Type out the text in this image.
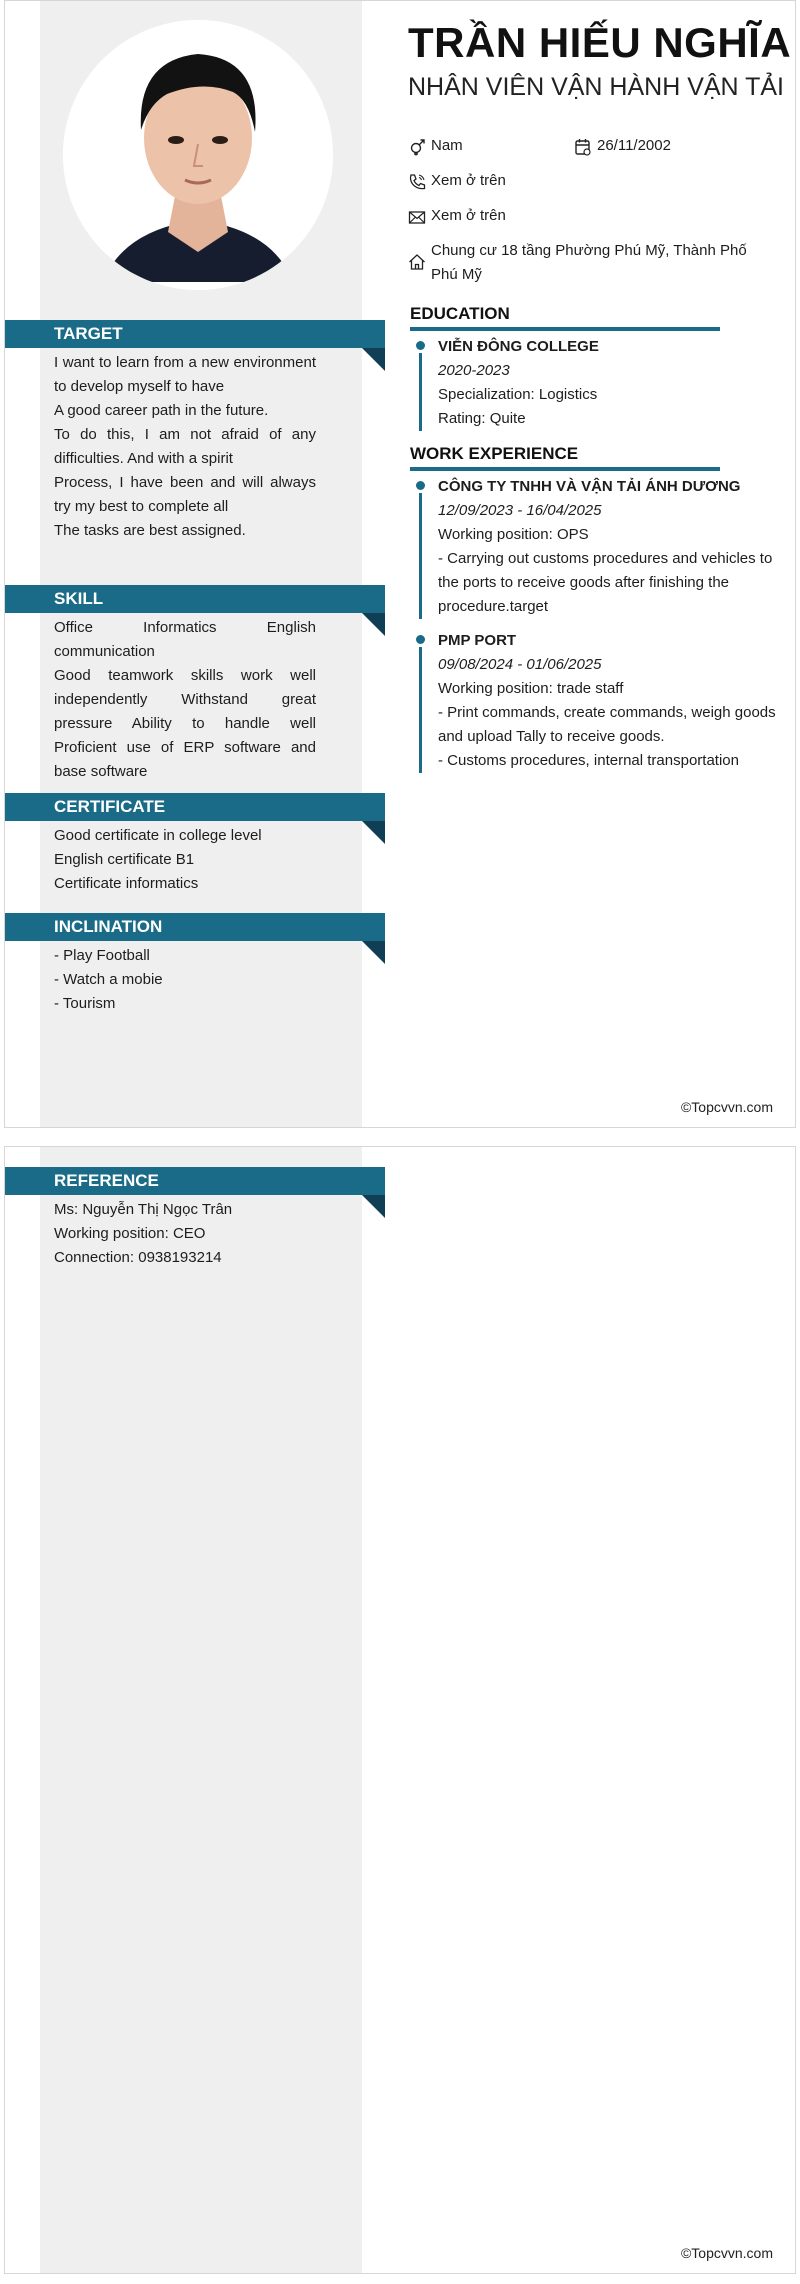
TARGET
I want to learn from a new environment to develop myself to have
A good career path in the future.
To do this, I am not afraid of any difficulties. And with a spirit
Process, I have been and will always try my best to complete all
The tasks are best assigned.
SKILL
Office Informatics English communication
Good teamwork skills work well independently Withstand great pressure Ability to handle well Proficient use of ERP software and base software
CERTIFICATE
Good certificate in college level
English certificate B1
Certificate informatics
INCLINATION
- Play Football
- Watch a mobie
- Tourism
TRẦN HIẾU NGHĨA
NHÂN VIÊN VẬN HÀNH VẬN TẢI
Nam	26/11/2002
Xem ở trên
Xem ở trên
Chung cư 18 tầng Phường Phú Mỹ, Thành Phố
Phú Mỹ
EDUCATION
VIỄN ĐÔNG COLLEGE
2020-2023
Specialization: Logistics
Rating: Quite
WORK EXPERIENCE
CÔNG TY TNHH VÀ VẬN TẢI ÁNH DƯƠNG
12/09/2023 - 16/04/2025
Working position: OPS
- Carrying out customs procedures and vehicles to the ports to receive goods after finishing the procedure.target
PMP PORT
09/08/2024 - 01/06/2025
Working position: trade staff
- Print commands, create commands, weigh goods and upload Tally to receive goods.
- Customs procedures, internal transportation
©Topcvvn.com
REFERENCE
Ms: Nguyễn Thị Ngọc Trân
Working position: CEO
Connection: 0938193214
©Topcvvn.com
